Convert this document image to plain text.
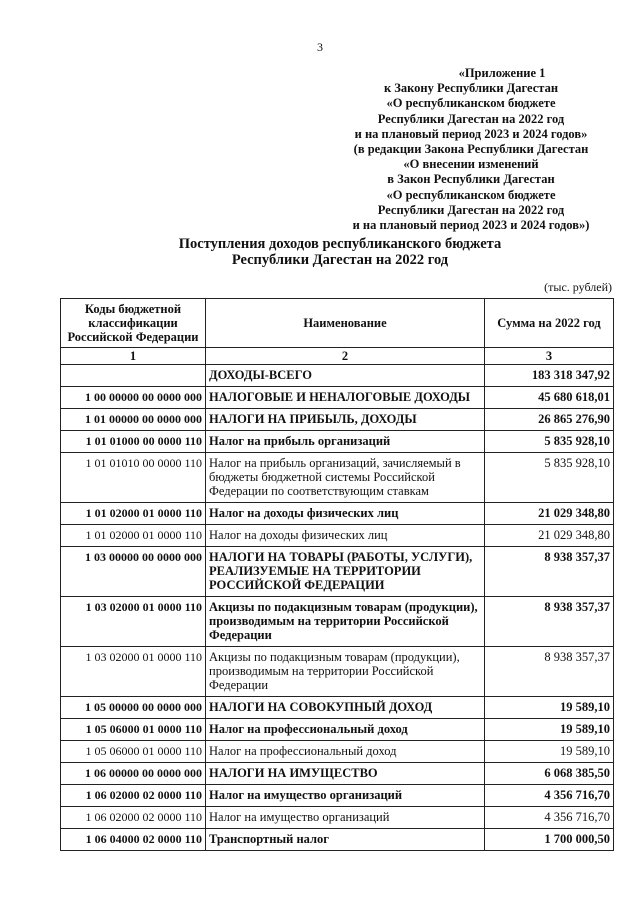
3
«Приложение 1
к Закону Республики Дагестан
«О республиканском бюджете
Республики Дагестан на 2022 год
и на плановый период 2023 и 2024 годов»
(в редакции Закона Республики Дагестан
«О внесении изменений
в Закон Республики Дагестан
«О республиканском бюджете
Республики Дагестан на 2022 год
и на плановый период 2023 и 2024 годов»)
Поступления доходов республиканского бюджета
Республики Дагестан на 2022 год
(тыс. рублей)
Коды бюджетной классификации Российской Федерации	Наименование	Сумма на 2022 год
1	2	3
	ДОХОДЫ-ВСЕГО	183 318 347,92
1 00 00000 00 0000 000	НАЛОГОВЫЕ И НЕНАЛОГОВЫЕ ДОХОДЫ	45 680 618,01
1 01 00000 00 0000 000	НАЛОГИ НА ПРИБЫЛЬ, ДОХОДЫ	26 865 276,90
1 01 01000 00 0000 110	Налог на прибыль организаций	5 835 928,10
1 01 01010 00 0000 110	Налог на прибыль организаций, зачисляемый в бюджеты бюджетной системы Российской Федерации по соответствующим ставкам	5 835 928,10
1 01 02000 01 0000 110	Налог на доходы физических лиц	21 029 348,80
1 01 02000 01 0000 110	Налог на доходы физических лиц	21 029 348,80
1 03 00000 00 0000 000	НАЛОГИ НА ТОВАРЫ (РАБОТЫ, УСЛУГИ), РЕАЛИЗУЕМЫЕ НА ТЕРРИТОРИИ РОССИЙСКОЙ ФЕДЕРАЦИИ	8 938 357,37
1 03 02000 01 0000 110	Акцизы по подакцизным товарам (продукции), производимым на территории Российской Федерации	8 938 357,37
1 03 02000 01 0000 110	Акцизы по подакцизным товарам (продукции), производимым на территории Российской Федерации	8 938 357,37
1 05 00000 00 0000 000	НАЛОГИ НА СОВОКУПНЫЙ ДОХОД	19 589,10
1 05 06000 01 0000 110	Налог на профессиональный доход	19 589,10
1 05 06000 01 0000 110	Налог на профессиональный доход	19 589,10
1 06 00000 00 0000 000	НАЛОГИ НА ИМУЩЕСТВО	6 068 385,50
1 06 02000 02 0000 110	Налог на имущество организаций	4 356 716,70
1 06 02000 02 0000 110	Налог на имущество организаций	4 356 716,70
1 06 04000 02 0000 110	Транспортный налог	1 700 000,50
